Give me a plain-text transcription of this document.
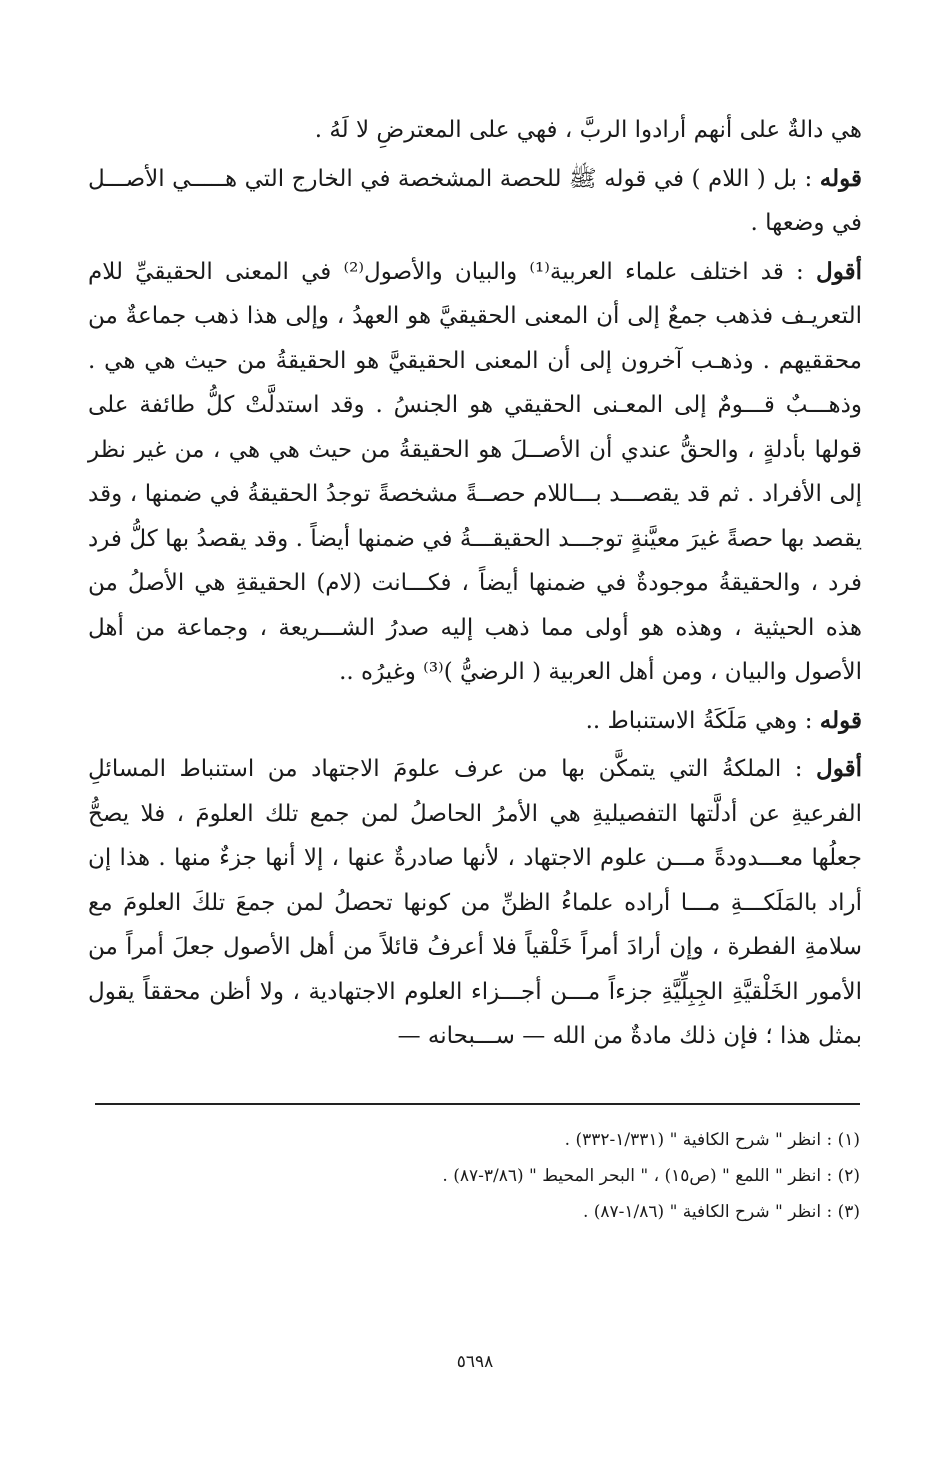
هي دالةٌ على أنهم أرادوا الربَّ ، فهي على المعترضِ لا لَهُ .

قوله : بل ( اللام ) في قوله ﷺ للحصة المشخصة في الخارج التي هـــــي الأصـــل في وضعها .

أقول : قد اختلف علماء العربية⁽¹⁾ والبيان والأصول⁽²⁾ في المعنى الحقيقيِّ للام التعريـف فذهب جمعٌ إلى أن المعنى الحقيقيَّ هو العهدُ ، وإلى هذا ذهب جماعةٌ من محققيهم . وذهـب آخرون إلى أن المعنى الحقيقيَّ هو الحقيقةُ من حيث هي هي . وذهـــبٌ قـــومٌ إلى المعـنى الحقيقي هو الجنسُ . وقد استدلَّتْ كلُّ طائفة على قولها بأدلةٍ ، والحقُّ عندي أن الأصــلَ هو الحقيقةُ من حيث هي هي ، من غير نظر إلى الأفراد . ثم قد يقصـــد بـــاللام حصــةً مشخصةً توجدُ الحقيقةُ في ضمنها ، وقد يقصد بها حصةً غيرَ معيَّنةٍ توجـــد الحقيقـــةُ في ضمنها أيضاً . وقد يقصدُ بها كلُّ فرد فرد ، والحقيقةُ موجودةٌ في ضمنها أيضاً ، فكـــانت (لام) الحقيقةِ هي الأصلُ من هذه الحيثية ، وهذه هو أولى مما ذهب إليه صدرُ الشـــريعة ، وجماعة من أهل الأصول والبيان ، ومن أهل العربية ( الرضيُّ )⁽³⁾ وغيرُه ..

قوله : وهي مَلَكَةُ الاستنباط ..

أقول : الملكةُ التي يتمكَّن بها من عرف علومَ الاجتهاد من استنباط المسائلِ الفرعيةِ عن أدلَّتها التفصيليةِ هي الأمرُ الحاصلُ لمن جمع تلك العلومَ ، فلا يصحُّ جعلُها معـــدودةً مـــن علوم الاجتهاد ، لأنها صادرةٌ عنها ، إلا أنها جزءٌ منها . هذا إن أراد بالمَلَكـــةِ مـــا أراده علماءُ الظنِّ من كونها تحصلُ لمن جمعَ تلكَ العلومَ مع سلامةِ الفطرة ، وإن أرادَ أمراً خَلْقياً فلا أعرفُ قائلاً من أهل الأصول جعلَ أمراً من الأمور الخَلْقيَّةِ الجِبِلِّيَّةِ جزءاً مـــن أجـــزاء العلوم الاجتهادية ، ولا أظن محققاً يقول بمثل هذا ؛ فإن ذلك مادةٌ من الله — ســـبحانه —

(١) : انظر " شرح الكافية " (١/٣٣١-٣٣٢) .

(٢) : انظر " اللمع " (ص١٥) ، " البحر المحيط " (٣/٨٦-٨٧) .

(٣) : انظر " شرح الكافية " (١/٨٦-٨٧) .

٥٦٩٨
